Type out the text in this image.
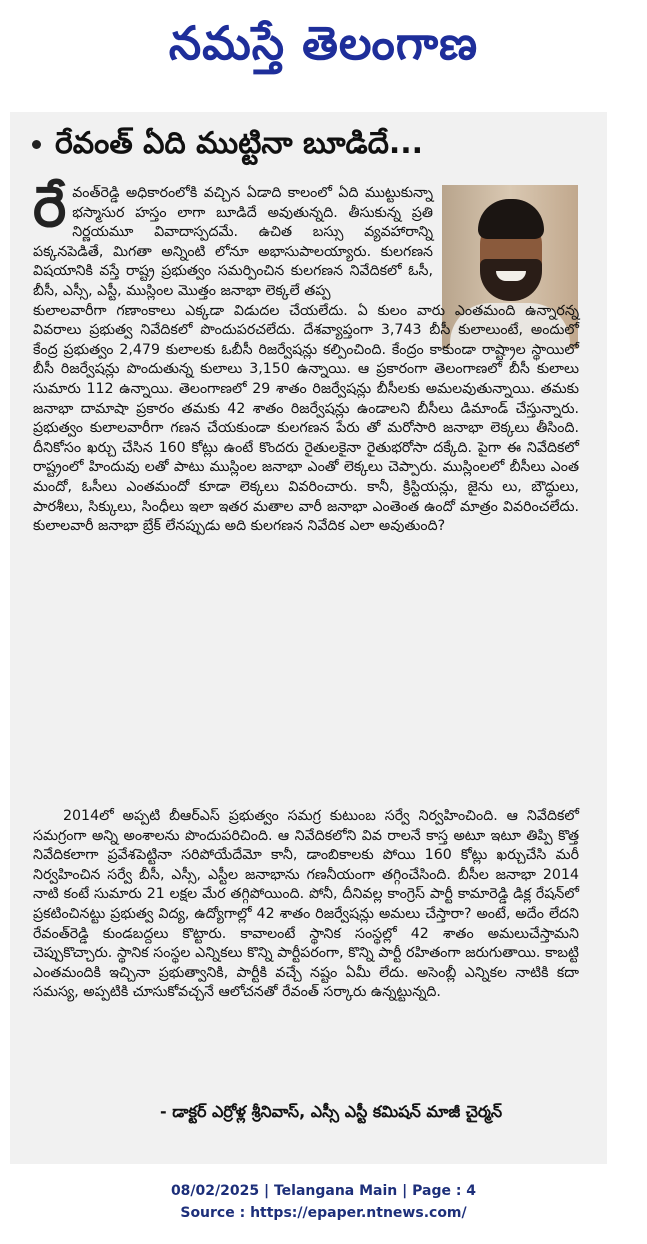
నమస్తే తెలంగాణ
రేవంత్ ఏది ముట్టినా బూడిదే...
రేవంత్‌రెడ్డి అధికారంలోకి వచ్చిన ఏడాది కాలంలో ఏది ముట్టుకున్నా భస్మాసుర హస్తం లాగా బూడిదే అవుతున్నది. తీసుకున్న ప్రతి నిర్ణయమూ వివాదాస్పదమే. ఉచిత బస్సు వ్యవహారాన్ని పక్కనపెడితే, మిగతా అన్నింటి లోనూ అభాసుపాలయ్యారు. కులగణన విషయానికి వస్తే రాష్ట్ర ప్రభుత్వం సమర్పించిన కులగణన నివేదికలో ఓసీ, బీసీ, ఎస్సీ, ఎస్టీ, ముస్లింల మొత్తం జనాభా లెక్కలే తప్ప
కులాలవారీగా గణాంకాలు ఎక్కడా విడుదల చేయలేదు. ఏ కులం వారు ఎంతమంది ఉన్నారన్న వివరాలు ప్రభుత్వ నివేదికలో పొందుపరచలేదు. దేశవ్యాప్తంగా 3,743 బీసీ కులాలుంటే, అందులో కేంద్ర ప్రభుత్వం 2,479 కులాలకు ఓబీసీ రిజర్వేషన్లు కల్పించింది. కేంద్రం కాకుండా రాష్ట్రాల స్థాయిలో బీసీ రిజర్వేషన్లు పొందుతున్న కులాలు 3,150 ఉన్నాయి. ఆ ప్రకారంగా తెలంగాణలో బీసీ కులాలు సుమారు 112 ఉన్నాయి. తెలంగాణలో 29 శాతం రిజర్వేషన్లు బీసీలకు అమలవుతున్నాయి. తమకు జనాభా దామాషా ప్రకారం తమకు 42 శాతం రిజర్వేషన్లు ఉండాలని బీసీలు డిమాండ్ చేస్తున్నారు. ప్రభుత్వం కులాలవారీగా గణన చేయకుండా కులగణన పేరు తో మరోసారి జనాభా లెక్కలు తీసింది. దీనికోసం ఖర్చు చేసిన 160 కోట్లు ఉంటే కొందరు రైతులకైనా రైతుభరోసా దక్కేది. పైగా ఈ నివేదికలో రాష్ట్రంలో హిందువు లతో పాటు ముస్లింల జనాభా ఎంతో లెక్కలు చెప్పారు. ముస్లింలలో బీసీలు ఎంత మందో, ఓసీలు ఎంతమందో కూడా లెక్కలు వివరించారు. కానీ, క్రిస్టియన్లు, జైను లు, బౌద్ధులు, పారశీలు, సిక్కులు, సింధీలు ఇలా ఇతర మతాల వారీ జనాభా ఎంతెంత ఉందో మాత్రం వివరించలేదు. కులాలవారీ జనాభా బ్రేక్ లేనప్పుడు అది కులగణన నివేదిక ఎలా అవుతుంది?

2014లో అప్పటి బీఆర్‌ఎస్ ప్రభుత్వం సమగ్ర కుటుంబ సర్వే నిర్వహించింది. ఆ నివేదికలో సమగ్రంగా అన్ని అంశాలను పొందుపరిచింది. ఆ నివేదికలోని వివ రాలనే కాస్త అటూ ఇటూ తిప్పి కొత్త నివేదికలాగా ప్రవేశపెట్టినా సరిపోయేదేమో కానీ, డాంబికాలకు పోయి 160 కోట్లు ఖర్చుచేసి మరీ నిర్వహించిన సర్వే బీసీ, ఎస్సీ, ఎస్టీల జనాభాను గణనీయంగా తగ్గించేసింది. బీసీల జనాభా 2014 నాటి కంటే సుమారు 21 లక్షల మేర తగ్గిపోయింది. పోనీ, దీనివల్ల కాంగ్రెస్ పార్టీ కామారెడ్డి డిక్ల రేషన్‌లో ప్రకటించినట్టు ప్రభుత్వ విద్య, ఉద్యోగాల్లో 42 శాతం రిజర్వేషన్లు అమలు చేస్తారా? అంటే, అదేం లేదని రేవంత్‌రెడ్డి కుండబద్దలు కొట్టారు. కావాలంటే స్థానిక సంస్థల్లో 42 శాతం అమలుచేస్తామని చెప్పుకొచ్చారు. స్థానిక సంస్థల ఎన్నికలు కొన్ని పార్టీపరంగా, కొన్ని పార్టీ రహితంగా జరుగుతాయి. కాబట్టి ఎంతమందికి ఇచ్చినా ప్రభుత్వానికి, పార్టీకి వచ్చే నష్టం ఏమీ లేదు. అసెంబ్లీ ఎన్నికల నాటికి కదా సమస్య, అప్పటికి చూసుకోవచ్చనే ఆలోచనతో రేవంత్ సర్కారు ఉన్నట్టున్నది.

- డాక్టర్ ఎర్రోళ్ల శ్రీనివాస్, ఎస్సీ ఎస్టీ కమిషన్ మాజీ చైర్మన్
08/02/2025 | Telangana Main | Page : 4
Source : https://epaper.ntnews.com/
